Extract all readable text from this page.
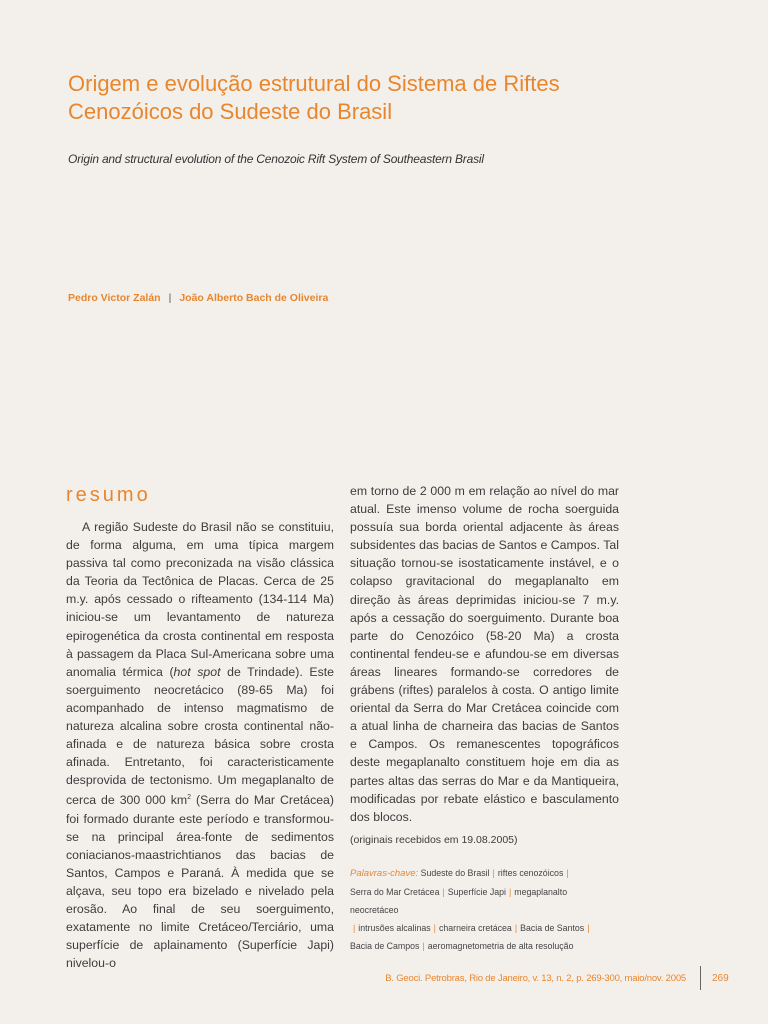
Origem e evolução estrutural do Sistema de Riftes
Cenozóicos do Sudeste do Brasil
Origin and structural evolution of the Cenozoic Rift System of Southeastern Brasil
Pedro Victor Zalán | João Alberto Bach de Oliveira
resumo

A região Sudeste do Brasil não se constituiu, de forma alguma, em uma típica margem passiva tal como preconizada na visão clássica da Teoria da Tectônica de Placas. Cerca de 25 m.y. após cessado o rifteamento (134-114 Ma) iniciou-se um levantamento de natureza epirogenética da crosta continental em resposta à passagem da Placa Sul-Americana sobre uma anomalia térmica (hot spot de Trindade). Este soerguimento neocretácico (89-65 Ma) foi acompanhado de intenso magmatismo de natureza alcalina sobre crosta continental não-afinada e de natureza básica sobre crosta afinada. Entretanto, foi caracteristicamente desprovida de tectonismo. Um megaplanalto de cerca de 300 000 $km^2$ (Serra do Mar Cretácea) foi formado durante este período e transformou-se na principal área-fonte de sedimentos coniacianos-maastrichtianos das bacias de Santos, Campos e Paraná. À medida que se alçava, seu topo era bizelado e nivelado pela erosão. Ao final de seu soerguimento, exatamente no limite Cretáceo/Terciário, uma superfície de aplainamento (Superfície Japi) nivelou-o

em torno de 2 000 m em relação ao nível do mar atual. Este imenso volume de rocha soerguida possuía sua borda oriental adjacente às áreas subsidentes das bacias de Santos e Campos. Tal situação tornou-se isostaticamente instável, e o colapso gravitacional do megaplanalto em direção às áreas deprimidas iniciou-se 7 m.y. após a cessação do soerguimento. Durante boa parte do Cenozóico (58-20 Ma) a crosta continental fendeu-se e afundou-se em diversas áreas lineares formando-se corredores de grábens (riftes) paralelos à costa. O antigo limite oriental da Serra do Mar Cretácea coincide com a atual linha de charneira das bacias de Santos e Campos. Os remanescentes topográficos deste megaplanalto constituem hoje em dia as partes altas das serras do Mar e da Mantiqueira, modificadas por rebate elástico e basculamento dos blocos.

(originais recebidos em 19.08.2005)
Palavras-chave: Sudeste do Brasil | riftes cenozóicos |
Serra do Mar Cretácea | Superfície Japi | megaplanalto neocretáceo
| intrusões alcalinas | charneira cretácea | Bacia de Santos |
Bacia de Campos | aeromagnetometria de alta resolução
B. Geoci. Petrobras, Rio de Janeiro, v. 13, n. 2, p. 269-300, maio/nov. 2005	269
